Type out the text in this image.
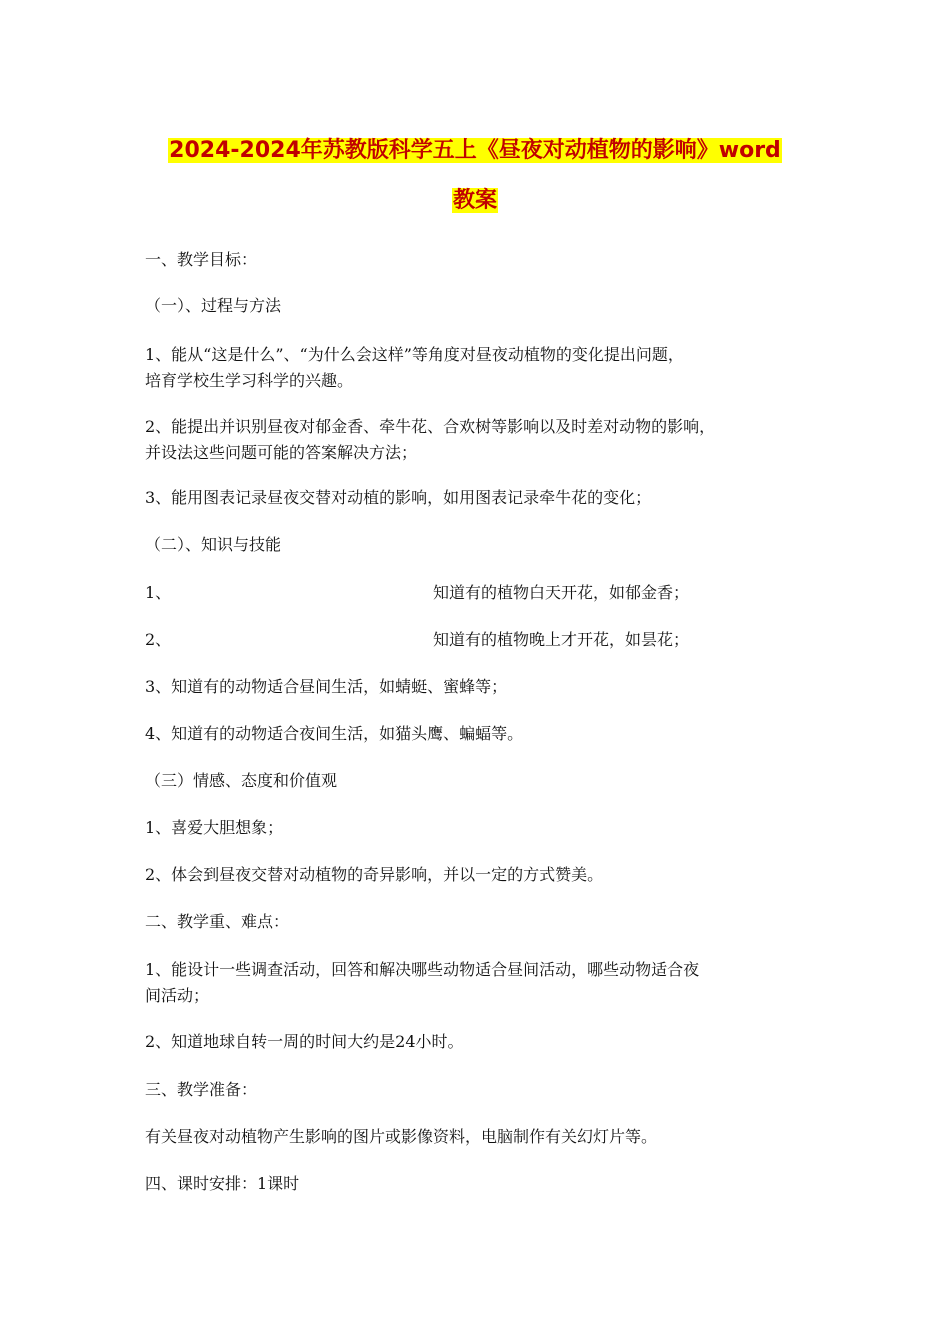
2024-2024年苏教版科学五上《昼夜对动植物的影响》word
教案
一、教学目标：
（一）、过程与方法
1、能从“这是什么”、“为什么会这样”等角度对昼夜动植物的变化提出问题，
培育学校生学习科学的兴趣。
2、能提出并识别昼夜对郁金香、牵牛花、合欢树等影响以及时差对动物的影响，
并设法这些问题可能的答案解决方法；
3、能用图表记录昼夜交替对动植的影响，如用图表记录牵牛花的变化；
（二）、知识与技能
1、	知道有的植物白天开花，如郁金香；
2、	知道有的植物晚上才开花，如昙花；
3、知道有的动物适合昼间生活，如蜻蜓、蜜蜂等；
4、知道有的动物适合夜间生活，如猫头鹰、蝙蝠等。
（三）情感、态度和价值观
1、喜爱大胆想象；
2、体会到昼夜交替对动植物的奇异影响，并以一定的方式赞美。
二、教学重、难点：
1、能设计一些调查活动，回答和解决哪些动物适合昼间活动，哪些动物适合夜
间活动；
2、知道地球自转一周的时间大约是24小时。
三、教学准备：
有关昼夜对动植物产生影响的图片或影像资料，电脑制作有关幻灯片等。
四、课时安排：1课时
